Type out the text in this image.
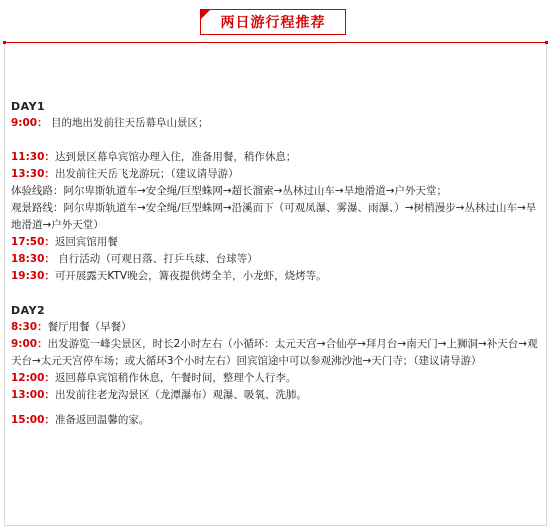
两日游行程推荐

DAY1

9:00： 目的地出发前往天岳幕阜山景区；

11:30：达到景区幕阜宾馆办理入住，准备用餐，稍作休息；

13:30：出发前往天岳飞龙游玩；（建议请导游）

体验线路：阿尔卑斯轨道车→安全绳/巨型蛛网→超长溜索→丛林过山车→旱地滑道→户外天堂；

观景路线：阿尔卑斯轨道车→安全绳/巨型蛛网→沿溪而下（可观凤瀑、雾瀑、雨瀑、）→树梢漫步→丛林过山车→旱地滑道→户外天堂）

17:50：返回宾馆用餐

18:30： 自行活动（可观日落、打乒乓球、台球等）

19:30：可开展露天KTV晚会，篝夜提供烤全羊，小龙虾，烧烤等。

DAY2

8:30：餐厅用餐（早餐）

9:00：出发游览一峰尖景区，时长2小时左右（小循环：太元天宫→合仙亭→拜月台→南天门→上狮洞→补天台→观天台→太元天宫停车场；或大循环3个小时左右）回宾馆途中可以参观沸沙池→天门寺；（建议请导游）

12:00：返回幕阜宾馆稍作休息，午餐时间，整理个人行李。

13:00：出发前往老龙沟景区（龙潭瀑布）观瀑、吸氧、洗肺。

15:00：准备返回温馨的家。
